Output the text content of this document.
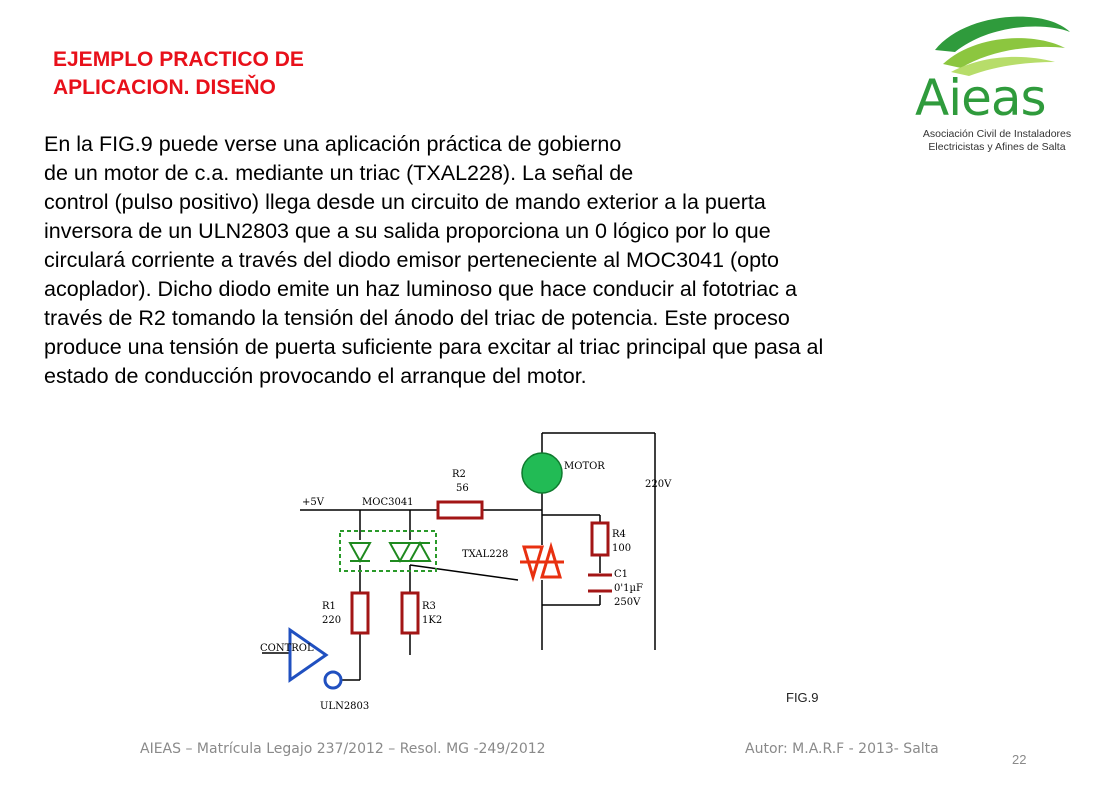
EJEMPLO PRACTICO DE
APLICACION. DISEŇO	Aieas
Asociación Civil de Instaladores
Electricistas y Afines de Salta
En la FIG.9 puede verse una aplicación práctica de gobierno
de un motor de c.a. mediante un triac (TXAL228). La señal de
control (pulso positivo) llega desde un circuito de mando exterior a la puerta
inversora de un ULN2803 que a su salida proporciona un 0 lógico por lo que
circulará corriente a través del diodo emisor perteneciente al MOC3041 (opto
acoplador). Dicho diodo emite un haz luminoso que hace conducir al fototriac a
través de R2 tomando la tensión del ánodo del triac de potencia. Este proceso
produce una tensión de puerta suficiente para excitar al triac principal que pasa al
estado de conducción provocando el arranque del motor.
+5V	MOC3041
R2
56
MOTOR
220V
TXAL228
R4
100
C1
0'1µF
250V
R1
220
R3
1K2
CONTROL
ULN2803
FIG.9
AIEAS – Matrícula Legajo 237/2012 – Resol. MG -249/2012	Autor: M.A.R.F - 2013- Salta
22
